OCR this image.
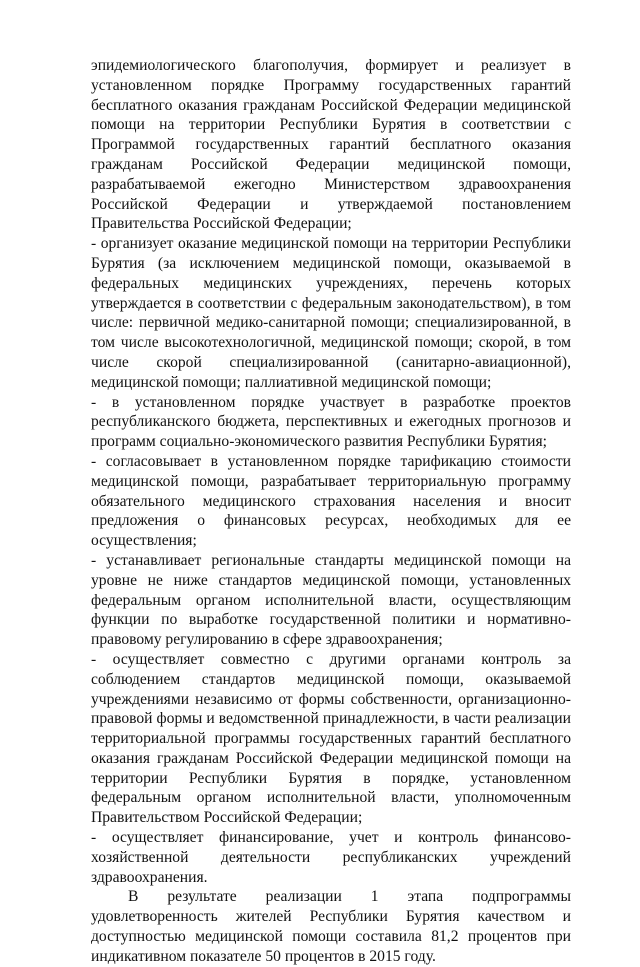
эпидемиологического благополучия, формирует и реализует в установленном порядке Программу государственных гарантий бесплатного оказания гражданам Российской Федерации медицинской помощи на территории Республики Бурятия в соответствии с Программой государственных гарантий бесплатного оказания гражданам Российской Федерации медицинской помощи, разрабатываемой ежегодно Министерством здравоохранения Российской Федерации и утверждаемой постановлением Правительства Российской Федерации;

- организует оказание медицинской помощи на территории Республики Бурятия (за исключением медицинской помощи, оказываемой в федеральных медицинских учреждениях, перечень которых утверждается в соответствии с федеральным законодательством), в том числе: первичной медико-санитарной помощи; специализированной, в том числе высокотехнологичной, медицинской помощи; скорой, в том числе скорой специализированной (санитарно-авиационной), медицинской помощи; паллиативной медицинской помощи;

- в установленном порядке участвует в разработке проектов республиканского бюджета, перспективных и ежегодных прогнозов и программ социально-экономического развития Республики Бурятия;

- согласовывает в установленном порядке тарификацию стоимости медицинской помощи, разрабатывает территориальную программу обязательного медицинского страхования населения и вносит предложения о финансовых ресурсах, необходимых для ее осуществления;

- устанавливает региональные стандарты медицинской помощи на уровне не ниже стандартов медицинской помощи, установленных федеральным органом исполнительной власти, осуществляющим функции по выработке государственной политики и нормативно-правовому регулированию в сфере здравоохранения;

- осуществляет совместно с другими органами контроль за соблюдением стандартов медицинской помощи, оказываемой учреждениями независимо от формы собственности, организационно-правовой формы и ведомственной принадлежности, в части реализации территориальной программы государственных гарантий бесплатного оказания гражданам Российской Федерации медицинской помощи на территории Республики Бурятия в порядке, установленном федеральным органом исполнительной власти, уполномоченным Правительством Российской Федерации;

- осуществляет финансирование, учет и контроль финансово-хозяйственной деятельности республиканских учреждений здравоохранения.

В результате реализации 1 этапа подпрограммы удовлетворенность жителей Республики Бурятия качеством и доступностью медицинской помощи составила 81,2 процентов при индикативном показателе 50 процентов в 2015 году.
